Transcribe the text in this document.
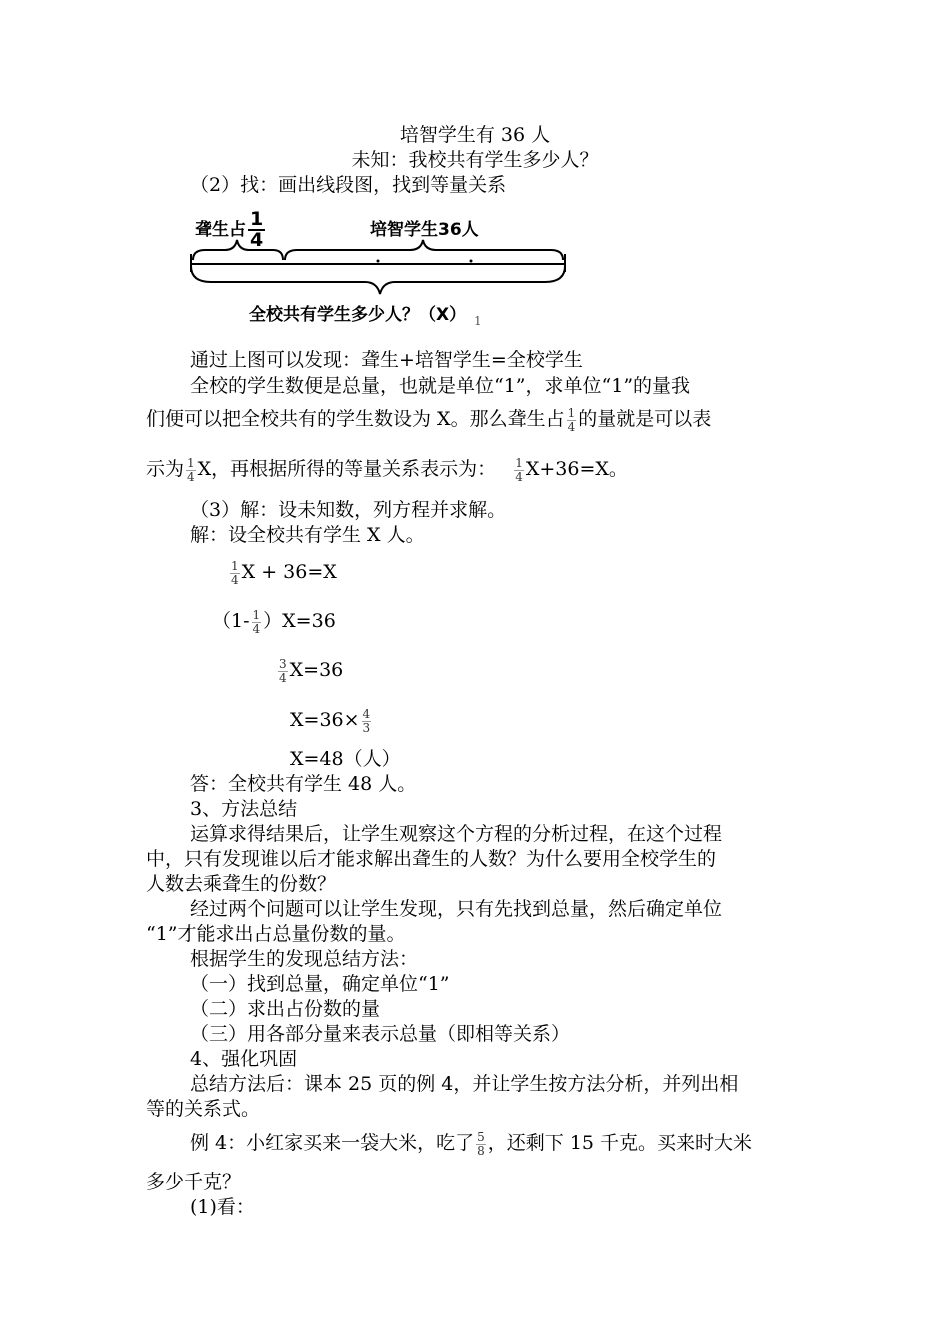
培智学生有 36 人
未知：我校共有学生多少人？
（2）找：画出线段图，找到等量关系
聋生占 $\frac{1}{4}$	培智学生36人
全校共有学生多少人？（X） 1
通过上图可以发现：聋生+培智学生=全校学生
全校的学生数便是总量，也就是单位“1”，求单位“1”的量我
们便可以把全校共有的学生数设为 X。那么聋生占 $\frac{1}{4}$ 的量就是可以表
示为 $\frac{1}{4}$ X，再根据所得的等量关系表示为： $\frac{1}{4} X+36=X$。
（3）解：设未知数，列方程并求解。
解：设全校共有学生 X 人。
$\frac{1}{4}$ X + 36=X
$(1- \frac{1}{4} )X=36$
$\frac{3}{4} X=36$
$X=36\times \frac{4}{3}$
X=48（人）
答：全校共有学生 48 人。
3、方法总结
运算求得结果后，让学生观察这个方程的分析过程，在这个过程
中，只有发现谁以后才能求解出聋生的人数？为什么要用全校学生的
人数去乘聋生的份数？
经过两个问题可以让学生发现，只有先找到总量，然后确定单位
“1”才能求出占总量份数的量。
根据学生的发现总结方法：
（一）找到总量，确定单位“1”
（二）求出占份数的量
（三）用各部分量来表示总量（即相等关系）
4、强化巩固
总结方法后：课本 25 页的例 4，并让学生按方法分析，并列出相
等的关系式。
例 4：小红家买来一袋大米，吃了 $\frac{5}{8}$ ，还剩下 15 千克。买来时大米
多少千克？
(1)看：
